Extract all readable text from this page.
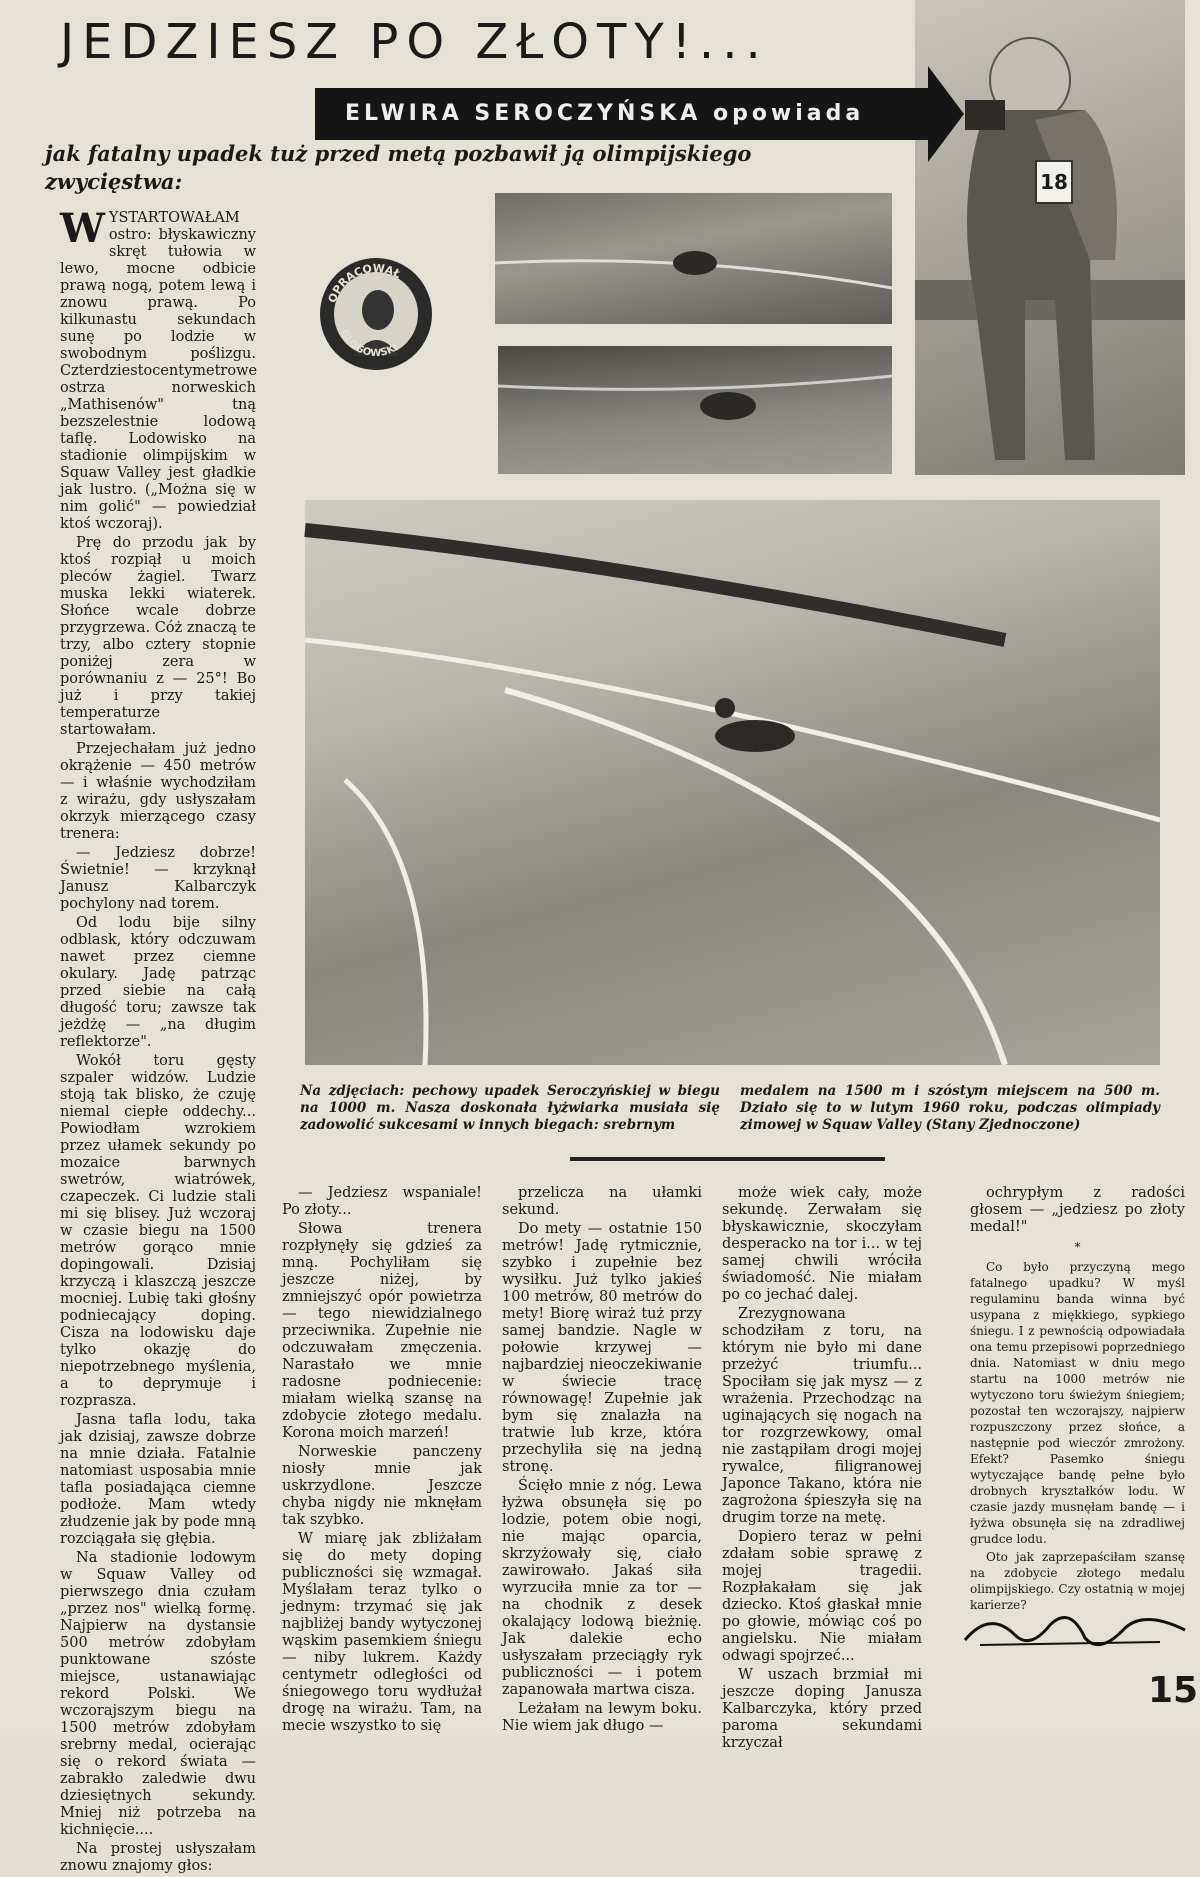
JEDZIESZ PO ZŁOTY!...
18
ELWIRA SEROCZYŃSKA opowiada
jak fatalny upadek tuż przed metą pozbawił ją olimpijskiego zwycięstwa:
OPRACOWAŁ
GŁOGOWSKI

WYSTARTOWAŁAM ostro: błyskawiczny skręt tułowia w lewo, mocne odbicie prawą nogą, potem lewą i znowu prawą. Po kilkunastu sekundach sunę po lodzie w swobodnym poślizgu. Czterdziestocentymetrowe ostrza norweskich „Mathisenów" tną bezszelestnie lodową taflę. Lodowisko na stadionie olimpijskim w Squaw Valley jest gładkie jak lustro. („Można się w nim golić" — powiedział ktoś wczoraj).

Prę do przodu jak by ktoś rozpiął u moich pleców żagiel. Twarz muska lekki wiaterek. Słońce wcale dobrze przygrzewa. Cóż znaczą te trzy, albo cztery stopnie poniżej zera w porównaniu z — 25°! Bo już i przy takiej temperaturze startowałam.

Przejechałam już jedno okrążenie — 450 metrów — i właśnie wychodziłam z wirażu, gdy usłyszałam okrzyk mierzącego czasy trenera:

— Jedziesz dobrze! Świetnie! — krzyknął Janusz Kalbarczyk pochylony nad torem.

Od lodu bije silny odblask, który odczuwam nawet przez ciemne okulary. Jadę patrząc przed siebie na całą długość toru; zawsze tak jeżdżę — „na długim reflektorze".

Wokół toru gęsty szpaler widzów. Ludzie stoją tak blisko, że czuję niemal ciepłe oddechy... Powiodłam wzrokiem przez ułamek sekundy po mozaice barwnych swetrów, wiatrówek, czapeczek. Ci ludzie stali mi się blisey. Już wczoraj w czasie biegu na 1500 metrów gorąco mnie dopingowali. Dzisiaj krzyczą i klaszczą jeszcze mocniej. Lubię taki głośny podniecający doping. Cisza na lodowisku daje tylko okazję do niepotrzebnego myślenia, a to deprymuje i rozprasza.

Jasna tafla lodu, taka jak dzisiaj, zawsze dobrze na mnie działa. Fatalnie natomiast usposabia mnie tafla posiadająca ciemne podłoże. Mam wtedy złudzenie jak by pode mną rozciągała się głębia.

Na stadionie lodowym w Squaw Valley od pierwszego dnia czułam „przez nos" wielką formę. Najpierw na dystansie 500 metrów zdobyłam punktowane szóste miejsce, ustanawiając rekord Polski. We wczorajszym biegu na 1500 metrów zdobyłam srebrny medal, ocierając się o rekord świata — zabrakło zaledwie dwu dziesiętnych sekundy. Mniej niż potrzeba na kichnięcie....

Na prostej usłyszałam znowu znajomy głos:

Na zdjęciach: pechowy upadek Seroczyńskiej w biegu na 1000 m. Nasza doskonała łyżwiarka musiała się zadowolić sukcesami w innych biegach: srebrnym
medalem na 1500 m i szóstym miejscem na 500 m. Działo się to w lutym 1960 roku, podczas olimpiady zimowej w Squaw Valley (Stany Zjednoczone)

— Jedziesz wspaniale! Po złoty...

Słowa trenera rozpłynęły się gdzieś za mną. Pochyliłam się jeszcze niżej, by zmniejszyć opór powietrza — tego niewidzialnego przeciwnika. Zupełnie nie odczuwałam zmęczenia. Narastało we mnie radosne podniecenie: miałam wielką szansę na zdobycie złotego medalu. Korona moich marzeń!

Norweskie panczeny niosły mnie jak uskrzydlone. Jeszcze chyba nigdy nie mknęłam tak szybko.

W miarę jak zbliżałam się do mety doping publiczności się wzmagał. Myślałam teraz tylko o jednym: trzymać się jak najbliżej bandy wytyczonej wąskim pasemkiem śniegu — niby lukrem. Każdy centymetr odległości od śniegowego toru wydłużał drogę na wirażu. Tam, na mecie wszystko to się

przelicza na ułamki sekund.

Do mety — ostatnie 150 metrów! Jadę rytmicznie, szybko i zupełnie bez wysiłku. Już tylko jakieś 100 metrów, 80 metrów do mety! Biorę wiraż tuż przy samej bandzie. Nagle w połowie krzywej — najbardziej nieoczekiwanie w świecie tracę równowagę! Zupełnie jak bym się znalazła na tratwie lub krze, która przechyliła się na jedną stronę.

Ścięło mnie z nóg. Lewa łyżwa obsunęła się po lodzie, potem obie nogi, nie mając oparcia, skrzyżowały się, ciało zawirowało. Jakaś siła wyrzuciła mnie za tor — na chodnik z desek okalający lodową bieżnię. Jak dalekie echo usłyszałam przeciągły ryk publiczności — i potem zapanowała martwa cisza.

Leżałam na lewym boku. Nie wiem jak długo —

może wiek cały, może sekundę. Zerwałam się błyskawicznie, skoczyłam desperacko na tor i... w tej samej chwili wróciła świadomość. Nie miałam po co jechać dalej.

Zrezygnowana schodziłam z toru, na którym nie było mi dane przeżyć triumfu... Spociłam się jak mysz — z wrażenia. Przechodząc na uginających się nogach na tor rozgrzewkowy, omal nie zastąpiłam drogi mojej rywalce, filigranowej Japonce Takano, która nie zagrożona śpieszyła się na drugim torze na metę.

Dopiero teraz w pełni zdałam sobie sprawę z mojej tragedii. Rozpłakałam się jak dziecko. Ktoś głaskał mnie po głowie, mówiąc coś po angielsku. Nie miałam odwagi spojrzeć...

W uszach brzmiał mi jeszcze doping Janusza Kalbarczyka, który przed paroma sekundami krzyczał

ochrypłym z radości głosem — „jedziesz po złoty medal!"

*

Co było przyczyną mego fatalnego upadku? W myśl regulaminu banda winna być usypana z miękkiego, sypkiego śniegu. I z pewnością odpowiadała ona temu przepisowi poprzedniego dnia. Natomiast w dniu mego startu na 1000 metrów nie wytyczono toru świeżym śniegiem; pozostał ten wczorajszy, najpierw rozpuszczony przez słońce, a następnie pod wieczór zmrożony. Efekt? Pasemko śniegu wytyczające bandę pełne było drobnych kryształków lodu. W czasie jazdy musnęłam bandę — i łyżwa obsunęła się na zdradliwej grudce lodu.

Oto jak zaprzepaściłam szansę na zdobycie złotego medalu olimpijskiego. Czy ostatnią w mojej karierze?

15
